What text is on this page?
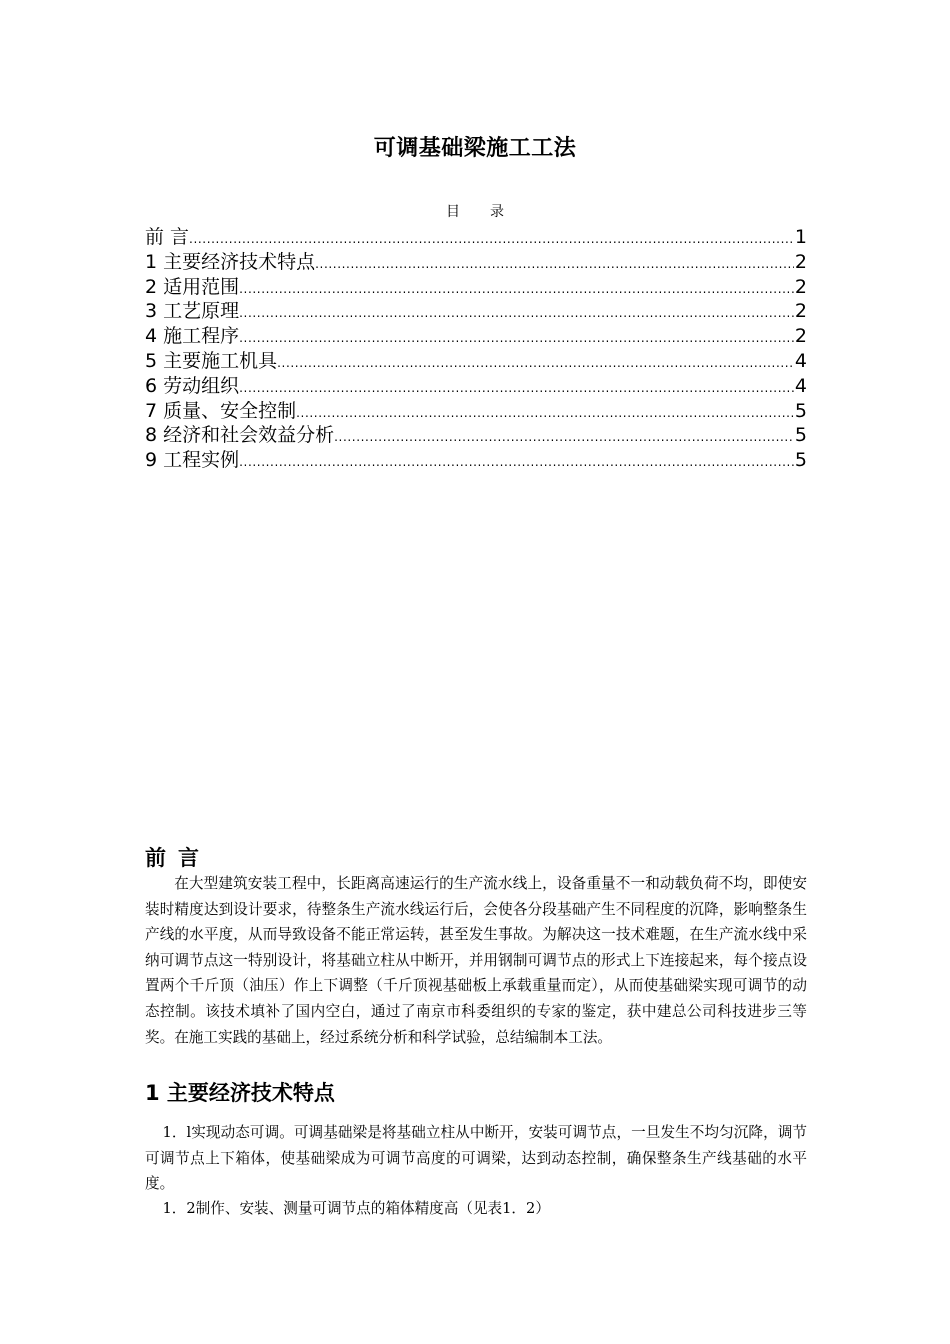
可调基础梁施工工法
目录
前 言 .....	1
1 主要经济技术特点 .....	2
2 适用范围 .....	2
3 工艺原理 .....	2
4 施工程序 .....	2
5 主要施工机具 .....	4
6 劳动组织 .....	4
7 质量、安全控制 .....	5
8 经济和社会效益分析 .....	5
9 工程实例 .....	5
前言

在大型建筑安装工程中，长距离高速运行的生产流水线上，设备重量不一和动载负荷不均，即使安装时精度达到设计要求，待整条生产流水线运行后，会使各分段基础产生不同程度的沉降，影响整条生产线的水平度，从而导致设备不能正常运转，甚至发生事故。为解决这一技术难题，在生产流水线中采纳可调节点这一特别设计，将基础立柱从中断开，并用钢制可调节点的形式上下连接起来，每个接点设置两个千斤顶（油压）作上下调整（千斤顶视基础板上承载重量而定），从而使基础梁实现可调节的动态控制。该技术填补了国内空白，通过了南京市科委组织的专家的鉴定，获中建总公司科技进步三等奖。在施工实践的基础上，经过系统分析和科学试验，总结编制本工法。

1 主要经济技术特点

1．l实现动态可调。可调基础梁是将基础立柱从中断开，安装可调节点，一旦发生不均匀沉降，调节可调节点上下箱体，使基础梁成为可调节高度的可调梁，达到动态控制，确保整条生产线基础的水平度。

1．2制作、安装、测量可调节点的箱体精度高（见表1．2）
